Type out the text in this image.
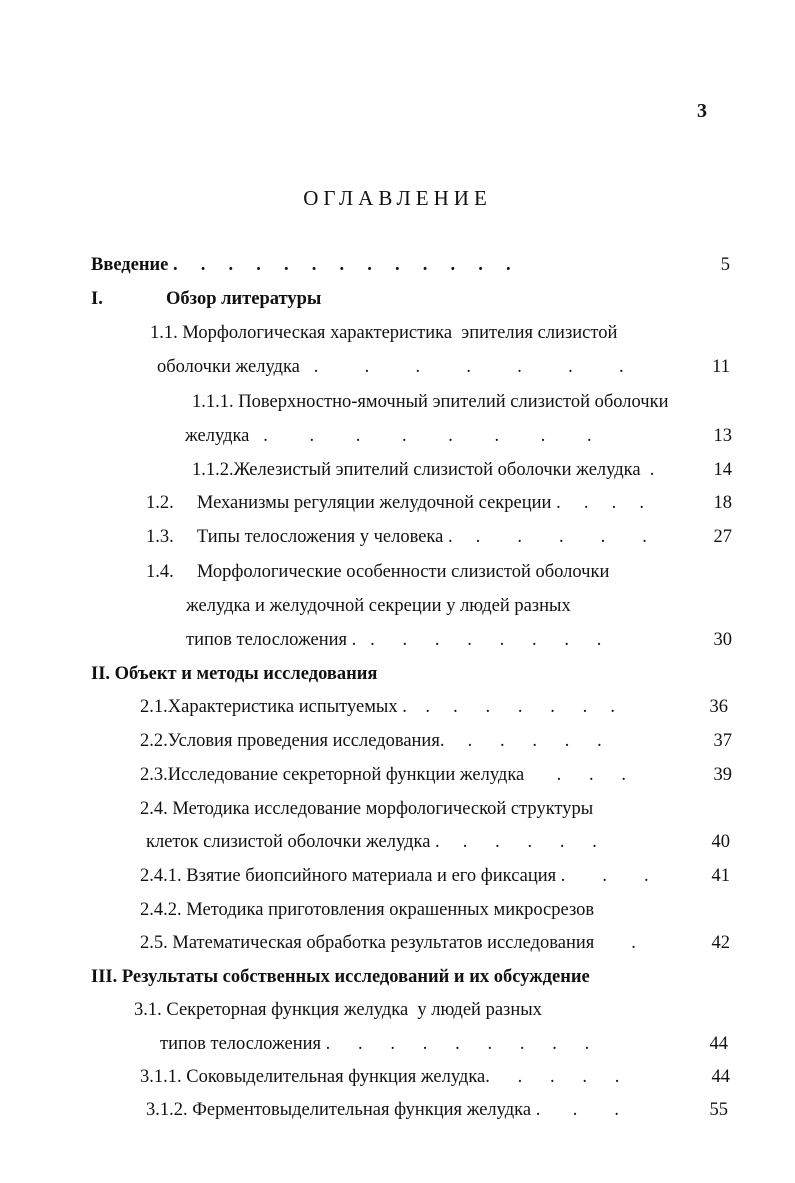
3
ОГЛАВЛЕНИЕ
Введение .     .     .     .     .     .     .     .     .     .     .     .     .	5
I.	Обзор литературы
1.1. Морфологическая характеристика  эпителия слизистой
оболочки желудка   .          .          .          .          .          .          .	11
1.1.1. Поверхностно-ямочный эпителий слизистой оболочки
желудка   .         .         .         .         .         .         .         .	13
1.1.2.Железистый эпителий слизистой оболочки желудка  .	14
1.2.     Механизмы регуляции желудочной секреции .     .     .     .	18
1.3.     Типы телосложения у человека .     .        .        .        .        .	27
1.4.     Морфологические особенности слизистой оболочки
желудка и желудочной секреции у людей разных
типов телосложения .   .      .      .      .      .      .      .      .	30
II. Объект и методы исследования
2.1.Характеристика испытуемых .    .     .      .      .      .      .     .	36
2.2.Условия проведения исследования.     .      .      .      .      .	37
2.3.Исследование секреторной функции желудка       .      .      .	39
2.4. Методика исследование морфологической структуры
клеток слизистой оболочки желудка .     .      .      .      .      .	40
2.4.1. Взятие биопсийного материала и его фиксация .        .        .	41
2.4.2. Методика приготовления окрашенных микросрезов
2.5. Математическая обработка результатов исследования        .	42
III. Результаты собственных исследований и их обсуждение
3.1. Секреторная функция желудка  у людей разных
типов телосложения .      .      .      .      .      .      .      .      .	44
3.1.1. Соковыделительная функция желудка.      .      .      .      .	44
3.1.2. Ферментовыделительная функция желудка .       .        .	55
